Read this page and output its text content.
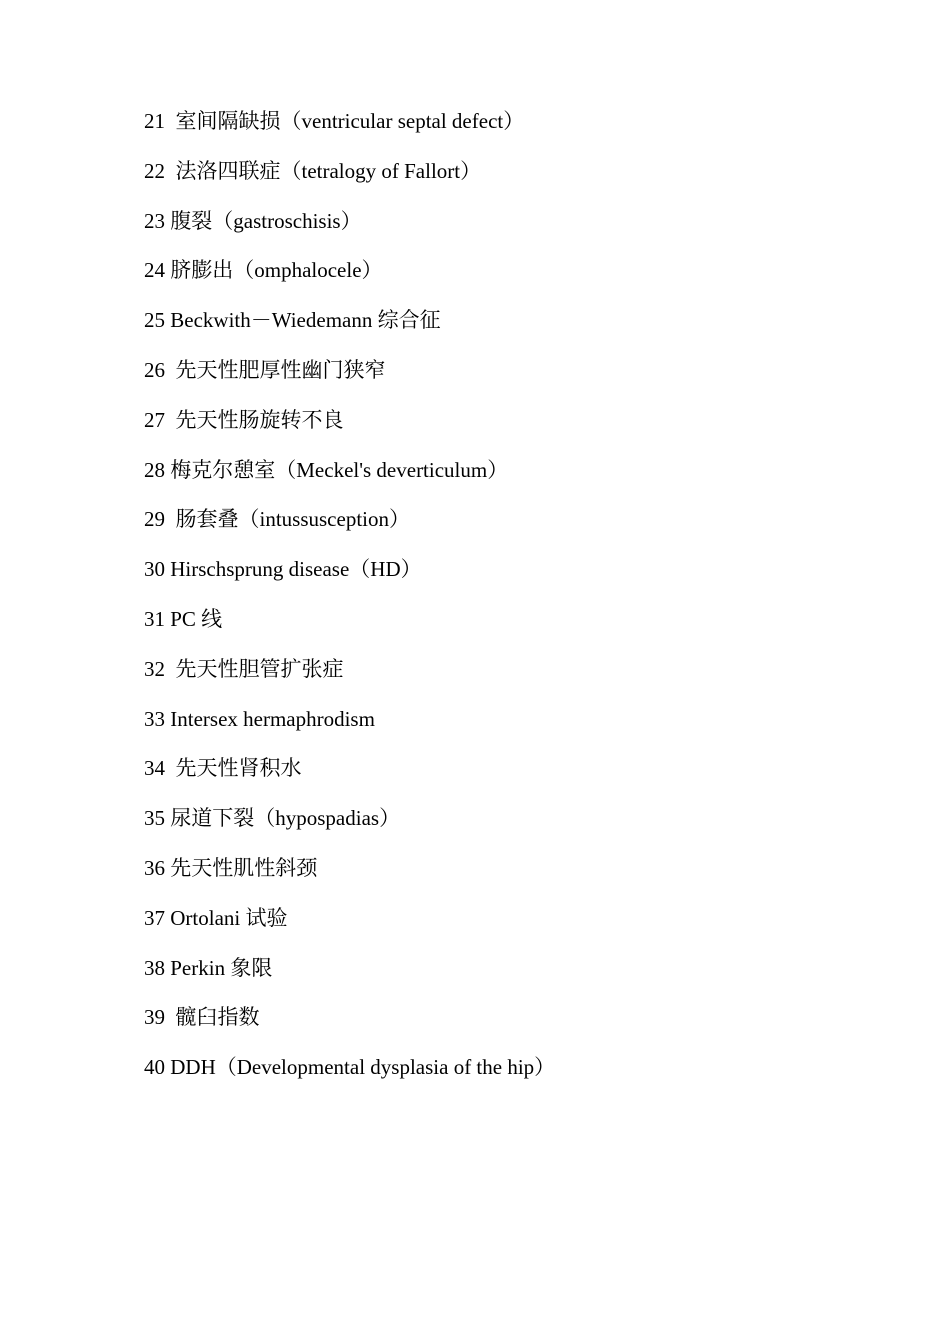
21  室间隔缺损（ventricular septal defect）
22  法洛四联症（tetralogy of Fallort）
23 腹裂（gastroschisis）
24 脐膨出（omphalocele）
25 Beckwith－Wiedemann 综合征
26  先天性肥厚性幽门狭窄
27  先天性肠旋转不良
28 梅克尔憩室（Meckel's deverticulum）
29  肠套叠（intussusception）
30 Hirschsprung disease（HD）
31 PC 线
32  先天性胆管扩张症
33 Intersex hermaphrodism
34  先天性肾积水
35 尿道下裂（hypospadias）
36 先天性肌性斜颈
37 Ortolani 试验
38 Perkin 象限
39  髋臼指数
40 DDH（Developmental dysplasia of the hip）
